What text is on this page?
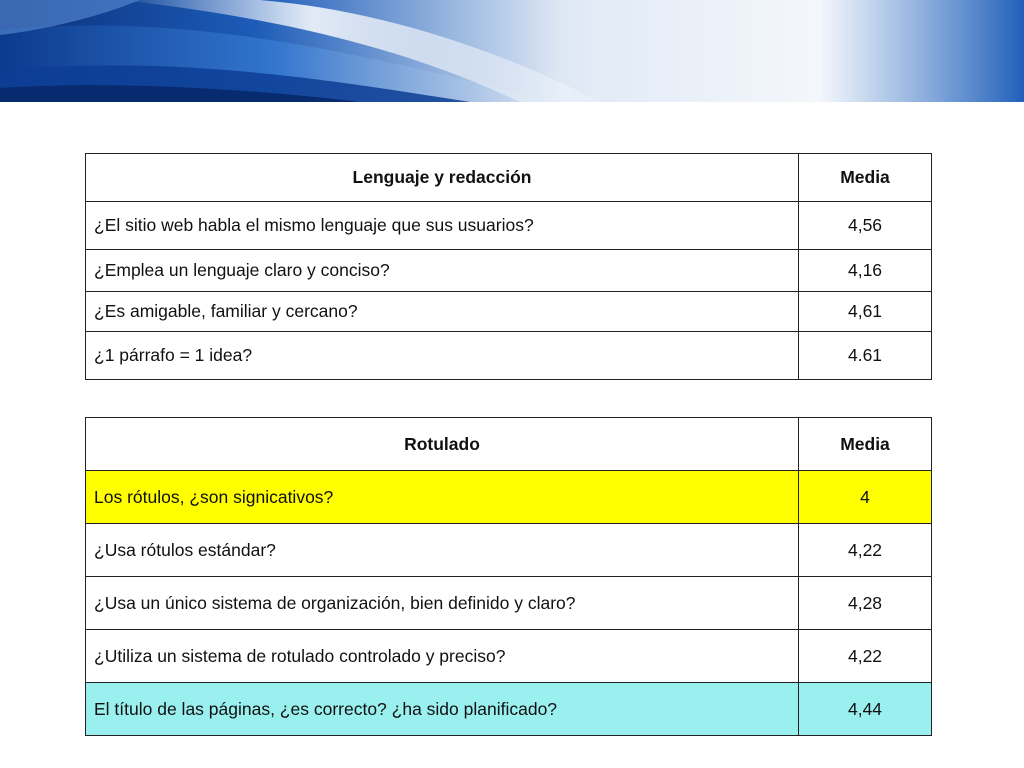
Lenguaje y redacción	Media
¿El sitio web habla el mismo lenguaje que sus usuarios?	4,56
¿Emplea un lenguaje claro y conciso?	4,16
¿Es amigable, familiar y cercano?	4,61
¿1 párrafo = 1 idea?	4.61
Rotulado	Media
Los rótulos, ¿son signicativos?	4
¿Usa rótulos estándar?	4,22
¿Usa un único sistema de organización, bien definido y claro?	4,28
¿Utiliza un sistema de rotulado controlado y preciso?	4,22
El título de las páginas, ¿es correcto? ¿ha sido planificado?	4,44
